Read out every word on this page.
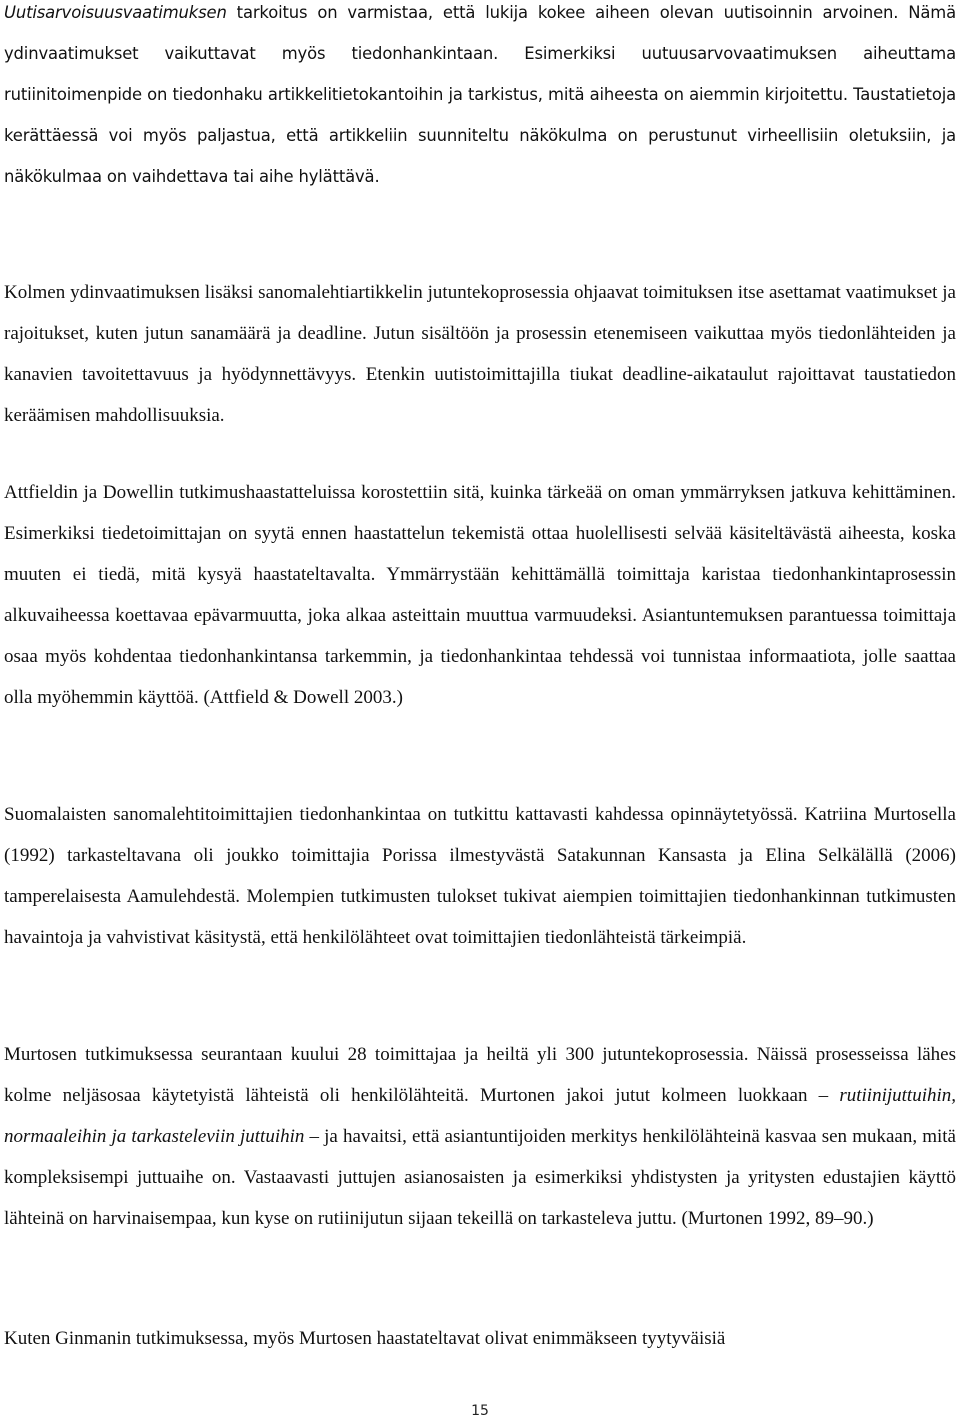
Uutisarvoisuusvaatimuksen tarkoitus on varmistaa, että lukija kokee aiheen olevan uutisoinnin arvoinen. Nämä ydinvaatimukset vaikuttavat myös tiedonhankintaan. Esimerkiksi uutuusarvovaatimuksen aiheuttama rutiinitoimenpide on tiedonhaku artikkelitietokantoihin ja tarkistus, mitä aiheesta on aiemmin kirjoitettu. Taustatietoja kerättäessä voi myös paljastua, että artikkeliin suunniteltu näkökulma on perustunut virheellisiin oletuksiin, ja näkökulmaa on vaihdettava tai aihe hylättävä.

Kolmen ydinvaatimuksen lisäksi sanomalehtiartikkelin jutuntekoprosessia ohjaavat toimituksen itse asettamat vaatimukset ja rajoitukset, kuten jutun sanamäärä ja deadline. Jutun sisältöön ja prosessin etenemiseen vaikuttaa myös tiedonlähteiden ja kanavien tavoitettavuus ja hyödynnettävyys. Etenkin uutistoimittajilla tiukat deadline-aikataulut rajoittavat taustatiedon keräämisen mahdollisuuksia.

Attfieldin ja Dowellin tutkimushaastatteluissa korostettiin sitä, kuinka tärkeää on oman ymmärryksen jatkuva kehittäminen. Esimerkiksi tiedetoimittajan on syytä ennen haastattelun tekemistä ottaa huolellisesti selvää käsiteltävästä aiheesta, koska muuten ei tiedä, mitä kysyä haastateltavalta. Ymmärrystään kehittämällä toimittaja karistaa tiedonhankintaprosessin alkuvaiheessa koettavaa epävarmuutta, joka alkaa asteittain muuttua varmuudeksi. Asiantuntemuksen parantuessa toimittaja osaa myös kohdentaa tiedonhankintansa tarkemmin, ja tiedonhankintaa tehdessä voi tunnistaa informaatiota, jolle saattaa olla myöhemmin käyttöä. (Attfield & Dowell 2003.)

Suomalaisten sanomalehtitoimittajien tiedonhankintaa on tutkittu kattavasti kahdessa opinnäytetyössä. Katriina Murtosella (1992) tarkasteltavana oli joukko toimittajia Porissa ilmestyvästä Satakunnan Kansasta ja Elina Selkälällä (2006) tamperelaisesta Aamulehdestä. Molempien tutkimusten tulokset tukivat aiempien toimittajien tiedonhankinnan tutkimusten havaintoja ja vahvistivat käsitystä, että henkilölähteet ovat toimittajien tiedonlähteistä tärkeimpiä.

Murtosen tutkimuksessa seurantaan kuului 28 toimittajaa ja heiltä yli 300 jutuntekoprosessia. Näissä prosesseissa lähes kolme neljäsosaa käytetyistä lähteistä oli henkilölähteitä. Murtonen jakoi jutut kolmeen luokkaan – rutiinijuttuihin, normaaleihin ja tarkasteleviin juttuihin – ja havaitsi, että asiantuntijoiden merkitys henkilölähteinä kasvaa sen mukaan, mitä kompleksisempi juttuaihe on. Vastaavasti juttujen asianosaisten ja esimerkiksi yhdistysten ja yritysten edustajien käyttö lähteinä on harvinaisempaa, kun kyse on rutiinijutun sijaan tekeillä on tarkasteleva juttu. (Murtonen 1992, 89–90.)

Kuten Ginmanin tutkimuksessa, myös Murtosen haastateltavat olivat enimmäkseen tyytyväisiä

15
